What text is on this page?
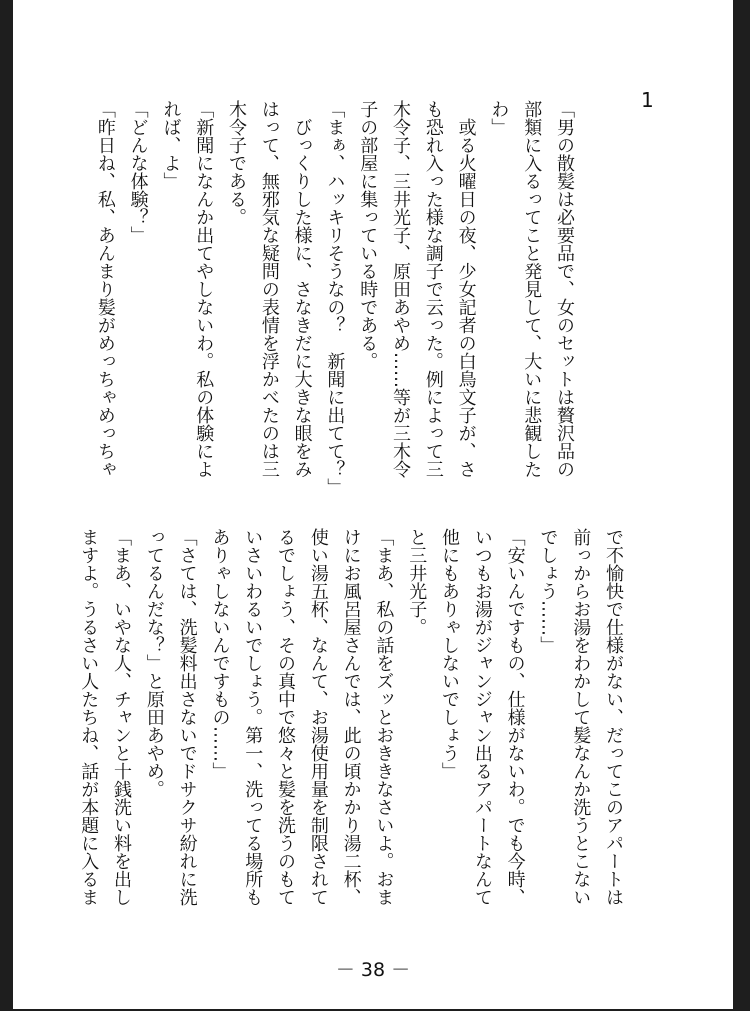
1
「男の散髪は必要品で、女のセットは贅沢品の
部類に入るってこと発見して、大いに悲観した
わ」
　或る火曜日の夜、少女記者の白鳥文子が、さ
も恐れ入った様な調子で云った。例によって三
木令子、三井光子、原田あやめ……等が三木令
子の部屋に集っている時である。
「まぁ、ハッキリそうなの？　新聞に出てて？」
　びっくりした様に、さなきだに大きな眼をみ
はって、無邪気な疑問の表情を浮かべたのは三
木令子である。
「新聞になんか出てやしないわ。私の体験によ
れば、よ」
「どんな体験？」
「昨日ね、私、あんまり髪がめっちゃめっちゃ
で不愉快で仕様がない、だってこのアパートは
前っからお湯をわかして髪なんか洗うとこない
でしょう……」
「安いんですもの、仕様がないわ。でも今時、
いつもお湯がジャンジャン出るアパートなんて
他にもありゃしないでしょう」
と三井光子。
「まあ、私の話をズッとおききなさいよ。おま
けにお風呂屋さんでは、此の頃かかり湯二杯、
使い湯五杯、なんて、お湯使用量を制限されて
るでしょう、その真中で悠々と髪を洗うのもて
いさいわるいでしょう。第一、洗ってる場所も
ありゃしないんですもの……」
「さては、洗髪料出さないでドサクサ紛れに洗
ってるんだな？」と原田あやめ。
「まあ、いやな人、チャンと十銭洗い料を出し
ますよ。うるさい人たちね、話が本題に入るま
－ 38 －
